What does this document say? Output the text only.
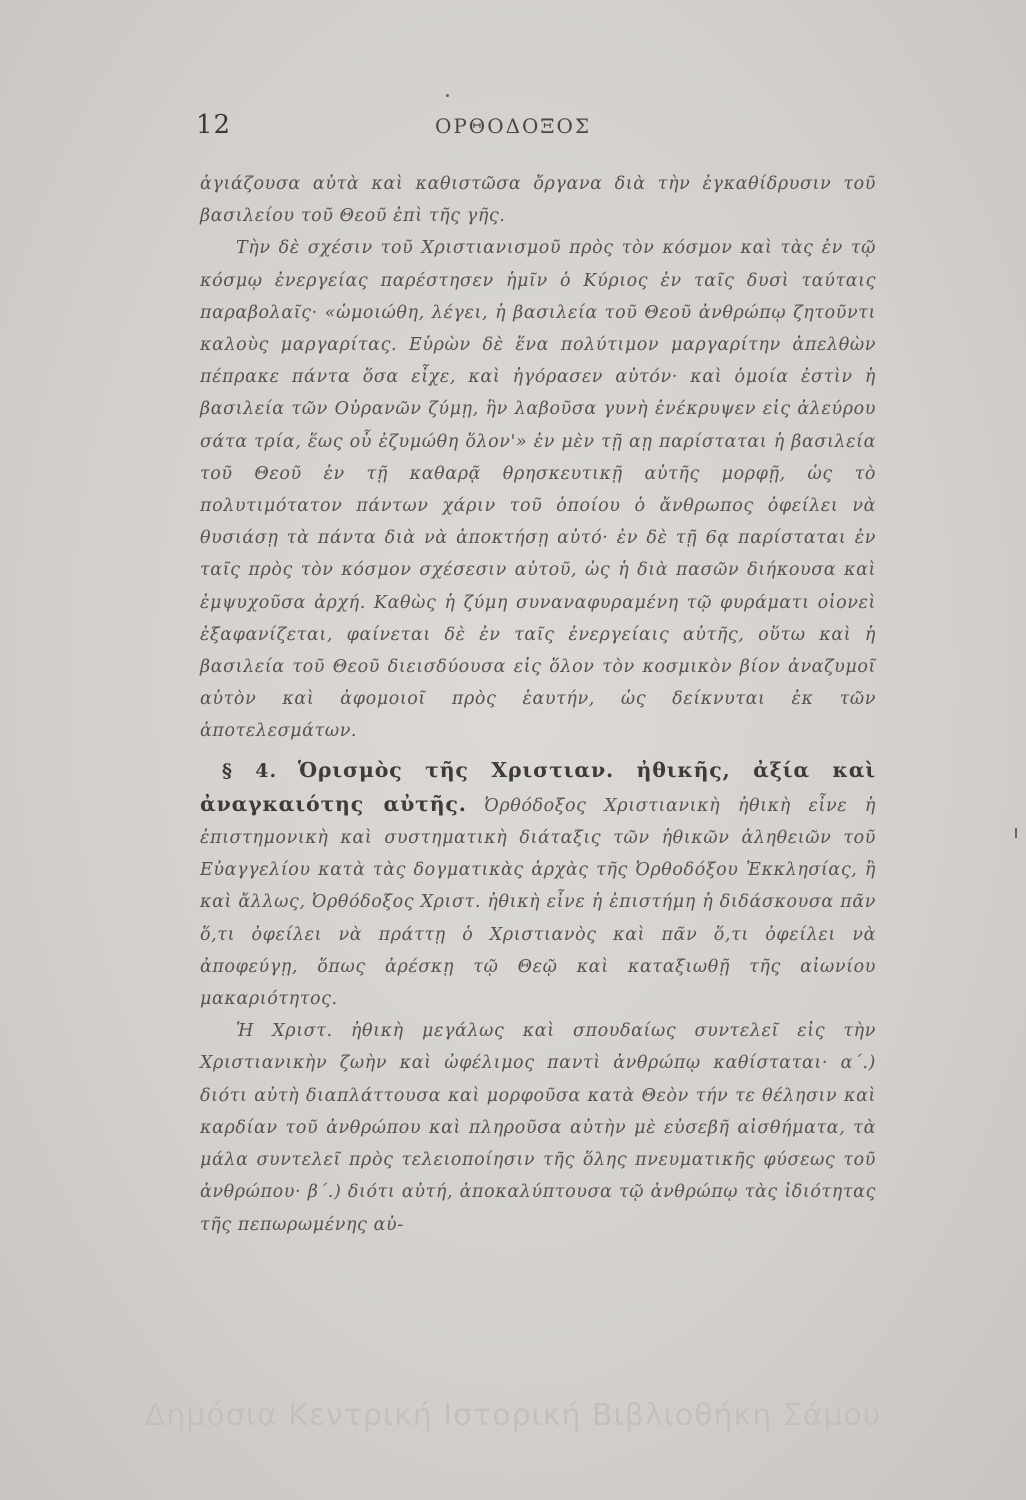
12	ΟΡΘΟΔΟΞΟΣ

ἁγιάζουσα αὐτὰ καὶ καθιστῶσα ὄργανα διὰ τὴν ἐγκαθίδρυσιν τοῦ βασιλείου τοῦ Θεοῦ ἐπὶ τῆς γῆς.

Τὴν δὲ σχέσιν τοῦ Χριστιανισμοῦ πρὸς τὸν κόσμον καὶ τὰς ἐν τῷ κόσμῳ ἐνεργείας παρέστησεν ἡμῖν ὁ Κύριος ἐν ταῖς δυσὶ ταύταις παραβολαῖς· «ὡμοιώθη, λέγει, ἡ βασιλεία τοῦ Θεοῦ ἀνθρώπῳ ζητοῦντι καλοὺς μαργαρίτας. Εὑρὼν δὲ ἕνα πολύτιμον μαργαρίτην ἀπελθὼν πέπρακε πάντα ὅσα εἶχε, καὶ ἠγόρασεν αὐτόν· καὶ ὁμοία ἐστὶν ἡ βασιλεία τῶν Οὐρανῶν ζύμῃ, ἣν λαβοῦσα γυνὴ ἐνέκρυψεν εἰς ἀλεύρου σάτα τρία, ἕως οὗ ἐζυμώθη ὅλον'» ἐν μὲν τῇ αῃ παρίσταται ἡ βασιλεία τοῦ Θεοῦ ἐν τῇ καθαρᾷ θρησκευτικῇ αὐτῆς μορφῇ, ὡς τὸ πολυτιμότατον πάντων χάριν τοῦ ὁποίου ὁ ἄνθρωπος ὀφείλει νὰ θυσιάσῃ τὰ πάντα διὰ νὰ ἀποκτήσῃ αὐτό· ἐν δὲ τῇ 6ᾳ παρίσταται ἐν ταῖς πρὸς τὸν κόσμον σχέσεσιν αὐτοῦ, ὡς ἡ διὰ πασῶν διήκουσα καὶ ἐμψυχοῦσα ἀρχή. Καθὼς ἡ ζύμη συναναφυραμένη τῷ φυράματι οἱονεὶ ἐξαφανίζεται, φαίνεται δὲ ἐν ταῖς ἐνεργείαις αὐτῆς, οὕτω καὶ ἡ βασιλεία τοῦ Θεοῦ διεισδύουσα εἰς ὅλον τὸν κοσμικὸν βίον ἀναζυμοῖ αὐτὸν καὶ ἀφομοιοῖ πρὸς ἑαυτήν, ὡς δείκνυται ἐκ τῶν ἀποτελεσμάτων.

§ 4. Ὁρισμὸς τῆς Χριστιαν. ἠθικῆς, ἀξία καὶ ἀναγκαιότης αὐτῆς. Ὀρθόδοξος Χριστιανικὴ ἠθικὴ εἶνε ἡ ἐπιστημονικὴ καὶ συστηματικὴ διάταξις τῶν ἠθικῶν ἀληθειῶν τοῦ Εὐαγγελίου κατὰ τὰς δογματικὰς ἀρχὰς τῆς Ὀρθοδόξου Ἐκκλησίας, ἢ καὶ ἄλλως, Ὀρθόδοξος Χριστ. ἠθικὴ εἶνε ἡ ἐπιστήμη ἡ διδάσκουσα πᾶν ὅ,τι ὀφείλει νὰ πράττῃ ὁ Χριστιανὸς καὶ πᾶν ὅ,τι ὀφείλει νὰ ἀποφεύγῃ, ὅπως ἀρέσκῃ τῷ Θεῷ καὶ καταξιωθῇ τῆς αἰωνίου μακαριότητος.

Ἡ Χριστ. ἠθικὴ μεγάλως καὶ σπουδαίως συντελεῖ εἰς τὴν Χριστιανικὴν ζωὴν καὶ ὠφέλιμος παντὶ ἀνθρώπῳ καθίσταται· α΄.) διότι αὐτὴ διαπλάττουσα καὶ μορφοῦσα κατὰ Θεὸν τήν τε θέλησιν καὶ καρδίαν τοῦ ἀνθρώπου καὶ πληροῦσα αὐτὴν μὲ εὐσεβῆ αἰσθήματα, τὰ μάλα συντελεῖ πρὸς τελειοποίησιν τῆς ὅλης πνευματικῆς φύσεως τοῦ ἀνθρώπου· β΄.) διότι αὐτή, ἀποκαλύπτουσα τῷ ἀνθρώπῳ τὰς ἰδιότητας τῆς πεπωρωμένης αὐ-

Δημόσια Κεντρική Ιστορική Βιβλιοθήκη Σάμου
